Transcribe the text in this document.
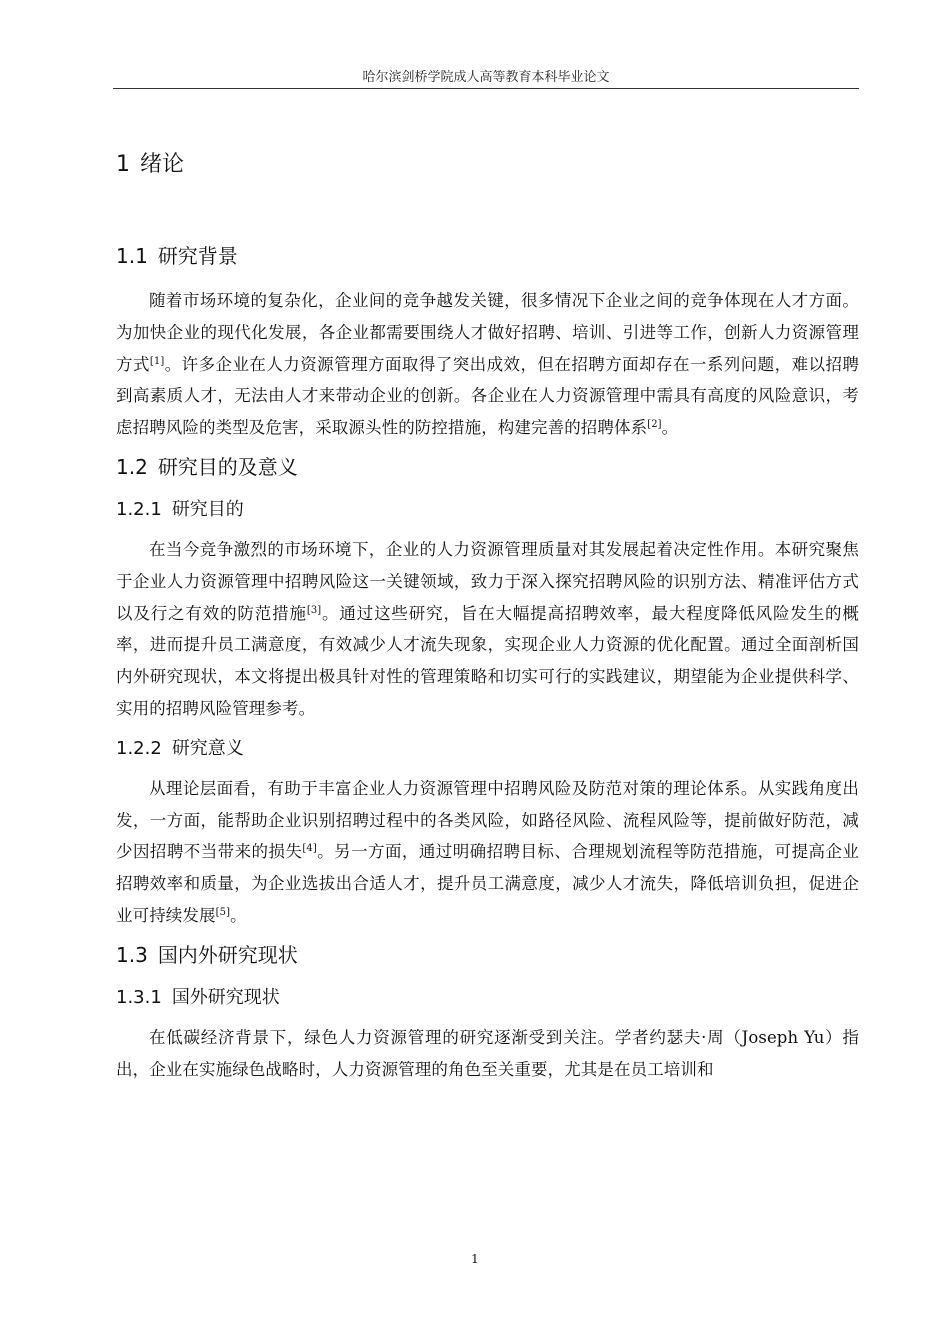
哈尔滨剑桥学院成人高等教育本科毕业论文
1 绪论
1.1 研究背景

随着市场环境的复杂化，企业间的竞争越发关键，很多情况下企业之间的竞争体现在人才方面。为加快企业的现代化发展，各企业都需要围绕人才做好招聘、培训、引进等工作，创新人力资源管理方式[1]。许多企业在人力资源管理方面取得了突出成效，但在招聘方面却存在一系列问题，难以招聘到高素质人才，无法由人才来带动企业的创新。各企业在人力资源管理中需具有高度的风险意识，考虑招聘风险的类型及危害，采取源头性的防控措施，构建完善的招聘体系[2]。

1.2 研究目的及意义
1.2.1 研究目的

在当今竞争激烈的市场环境下，企业的人力资源管理质量对其发展起着决定性作用。本研究聚焦于企业人力资源管理中招聘风险这一关键领域，致力于深入探究招聘风险的识别方法、精准评估方式以及行之有效的防范措施[3]。通过这些研究，旨在大幅提高招聘效率，最大程度降低风险发生的概率，进而提升员工满意度，有效减少人才流失现象，实现企业人力资源的优化配置。通过全面剖析国内外研究现状，本文将提出极具针对性的管理策略和切实可行的实践建议，期望能为企业提供科学、实用的招聘风险管理参考。

1.2.2 研究意义

从理论层面看，有助于丰富企业人力资源管理中招聘风险及防范对策的理论体系。从实践角度出发，一方面，能帮助企业识别招聘过程中的各类风险，如路径风险、流程风险等，提前做好防范，减少因招聘不当带来的损失[4]。另一方面，通过明确招聘目标、合理规划流程等防范措施，可提高企业招聘效率和质量，为企业选拔出合适人才，提升员工满意度，减少人才流失，降低培训负担，促进企业可持续发展[5]。

1.3 国内外研究现状
1.3.1 国外研究现状

在低碳经济背景下，绿色人力资源管理的研究逐渐受到关注。学者约瑟夫·周（Joseph Yu）指出，企业在实施绿色战略时，人力资源管理的角色至关重要，尤其是在员工培训和

1
